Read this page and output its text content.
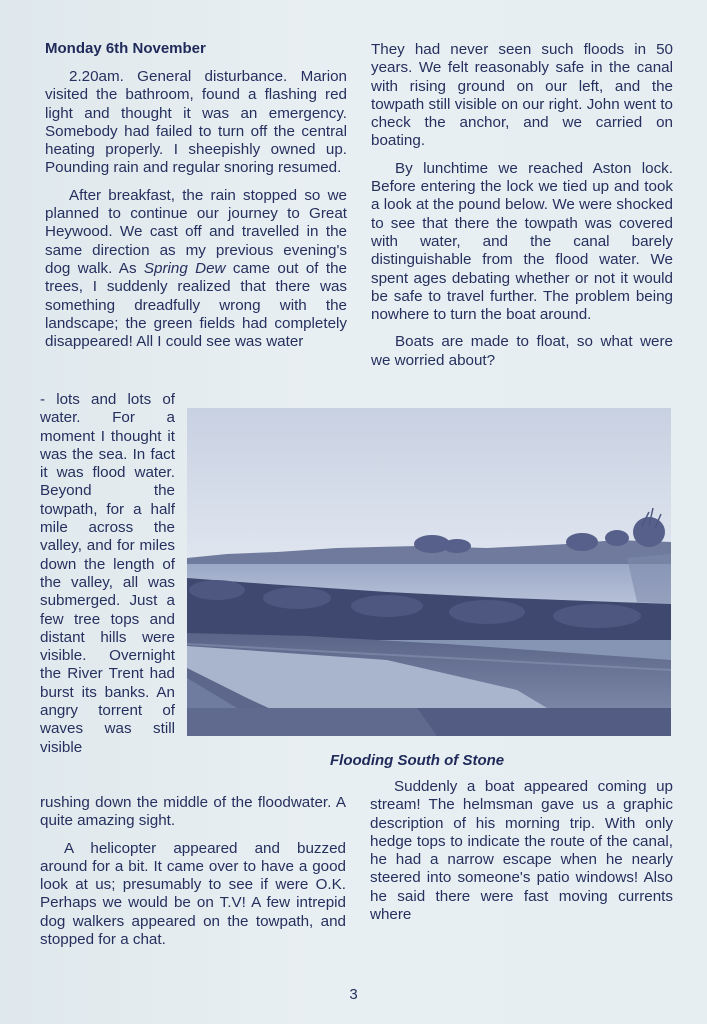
Monday 6th November

2.20am. General disturbance. Marion visited the bathroom, found a flashing red light and thought it was an emergency. Somebody had failed to turn off the central heating properly. I sheepishly owned up. Pounding rain and regular snoring resumed.

After breakfast, the rain stopped so we planned to continue our journey to Great Heywood. We cast off and travelled in the same direction as my previous evening's dog walk. As Spring Dew came out of the trees, I suddenly realized that there was something dreadfully wrong with the landscape; the green fields had completely disappeared! All I could see was water

- lots and lots of water. For a moment I thought it was the sea. In fact it was flood water. Beyond the towpath, for a half mile across the valley, and for miles down the length of the valley, all was submerged. Just a few tree tops and distant hills were visible. Overnight the River Trent had burst its banks. An angry torrent of waves was still visible

rushing down the middle of the floodwater. A quite amazing sight.

A helicopter appeared and buzzed around for a bit. It came over to have a good look at us; presumably to see if were O.K. Perhaps we would be on T.V! A few intrepid dog walkers appeared on the towpath, and stopped for a chat.

They had never seen such floods in 50 years. We felt reasonably safe in the canal with rising ground on our left, and the towpath still visible on our right. John went to check the anchor, and we carried on boating.

By lunchtime we reached Aston lock. Before entering the lock we tied up and took a look at the pound below. We were shocked to see that there the towpath was covered with water, and the canal barely distinguishable from the flood water. We spent ages debating whether or not it would be safe to travel further. The problem being nowhere to turn the boat around.

Boats are made to float, so what were we worried about?

Flooding South of Stone

Suddenly a boat appeared coming up stream! The helmsman gave us a graphic description of his morning trip. With only hedge tops to indicate the route of the canal, he had a narrow escape when he nearly steered into someone's patio windows! Also he said there were fast moving currents where

3
